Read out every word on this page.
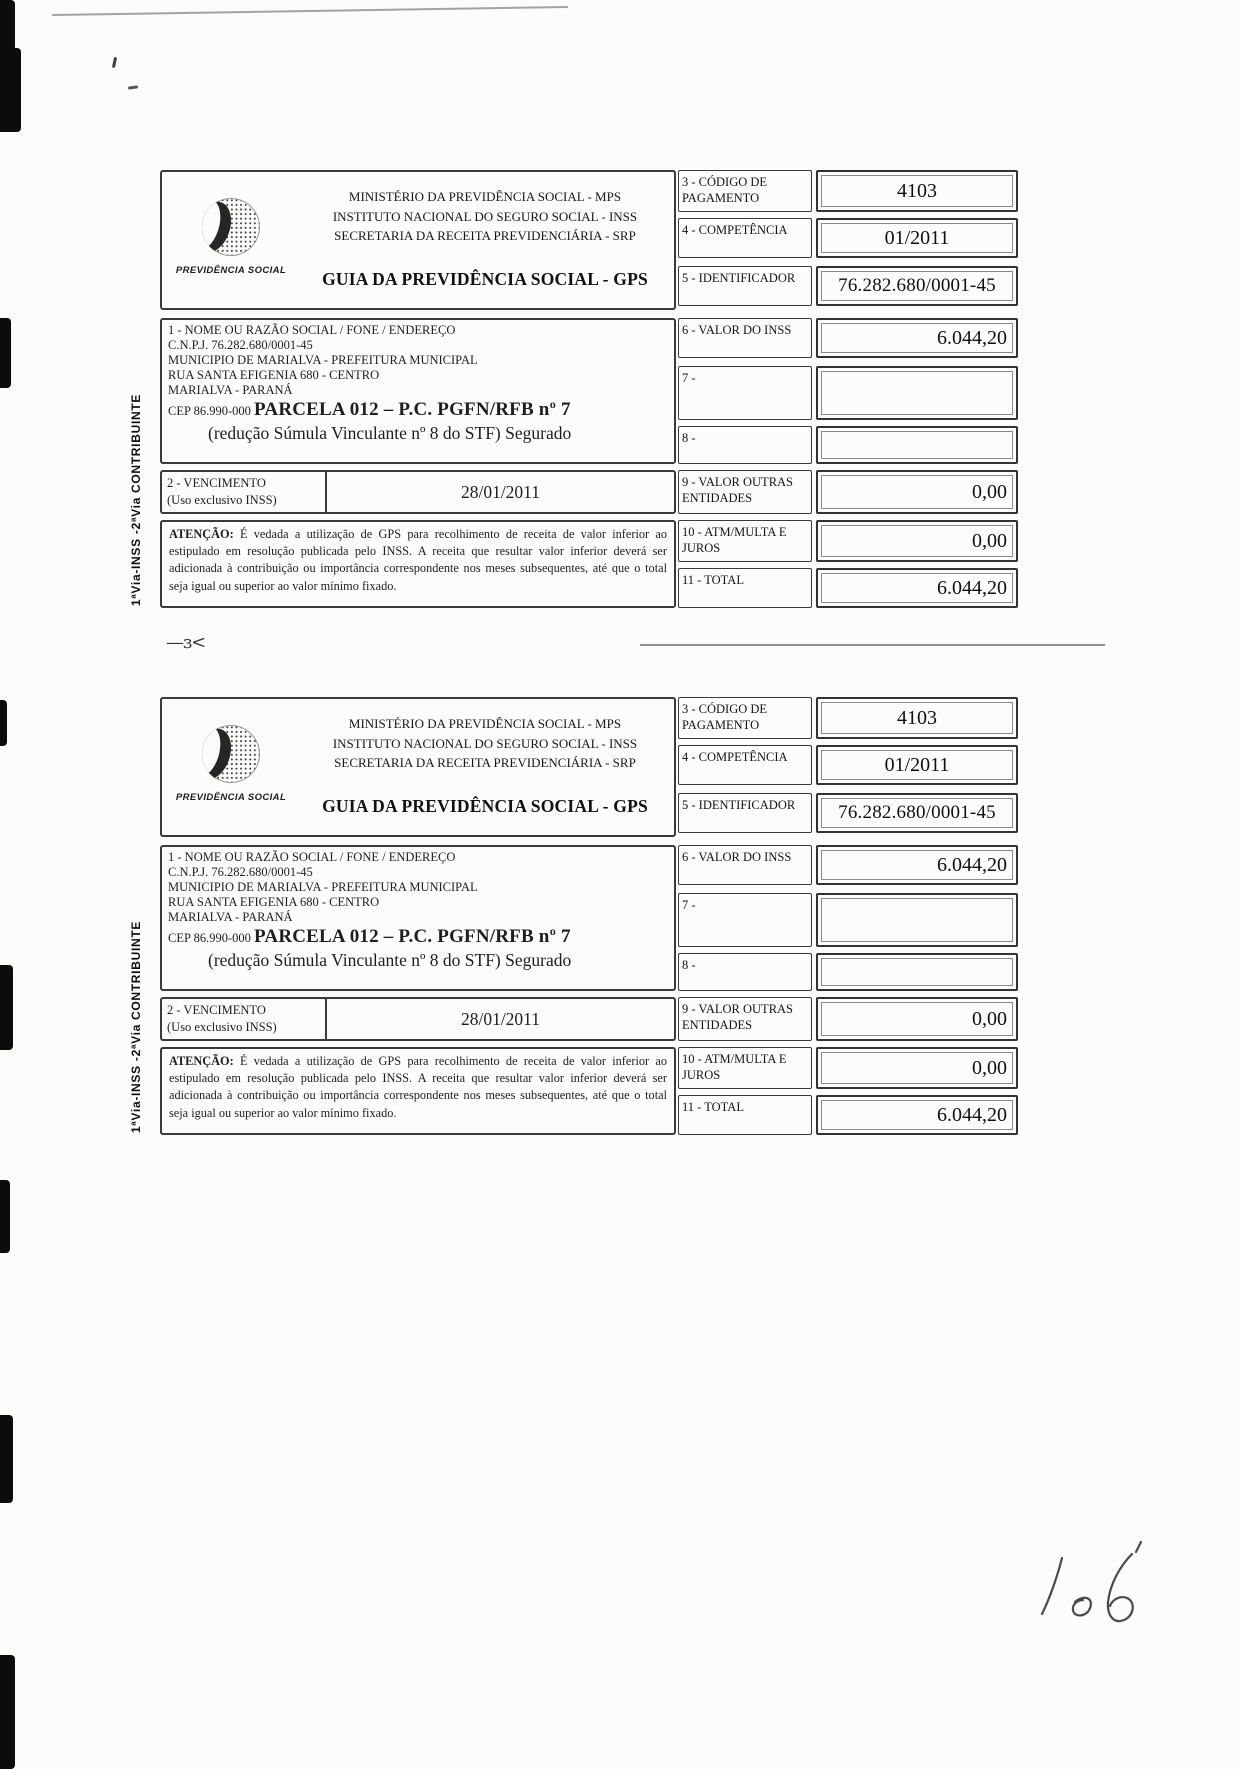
1ªVia-INSS -2ªVia CONTRIBUINTE
PREVIDÊNCIA SOCIAL
MINISTÉRIO DA PREVIDÊNCIA SOCIAL - MPS
INSTITUTO NACIONAL DO SEGURO SOCIAL - INSS
SECRETARIA DA RECEITA PREVIDENCIÁRIA - SRP
GUIA DA PREVIDÊNCIA SOCIAL - GPS
1 - NOME OU RAZÃO SOCIAL / FONE / ENDEREÇO
C.N.P.J. 76.282.680/0001-45
MUNICIPIO DE MARIALVA - PREFEITURA MUNICIPAL
RUA SANTA EFIGENIA 680 - CENTRO
MARIALVA - PARANÁ
CEP 86.990-000 PARCELA 012 – P.C. PGFN/RFB nº 7
(redução Súmula Vinculante nº 8 do STF) Segurado
2 - VENCIMENTO
(Uso exclusivo INSS)	28/01/2011
ATENÇÃO: É vedada a utilização de GPS para recolhimento de receita de valor inferior ao estipulado em resolução publicada pelo INSS. A receita que resultar valor inferior deverá ser adicionada à contribuição ou importância correspondente nos meses subsequentes, até que o total seja igual ou superior ao valor mínimo fixado.
3 - CÓDIGO DE PAGAMENTO	4103
4 - COMPETÊNCIA	01/2011
5 - IDENTIFICADOR	76.282.680/0001-45
6 - VALOR DO INSS	6.044,20
7 -
8 -
9 - VALOR OUTRAS ENTIDADES	0,00
10 - ATM/MULTA E JUROS	0,00
11 - TOTAL	6.044,20
—ɜ<
1ªVia-INSS -2ªVia CONTRIBUINTE
PREVIDÊNCIA SOCIAL
MINISTÉRIO DA PREVIDÊNCIA SOCIAL - MPS
INSTITUTO NACIONAL DO SEGURO SOCIAL - INSS
SECRETARIA DA RECEITA PREVIDENCIÁRIA - SRP
GUIA DA PREVIDÊNCIA SOCIAL - GPS
1 - NOME OU RAZÃO SOCIAL / FONE / ENDEREÇO
C.N.P.J. 76.282.680/0001-45
MUNICIPIO DE MARIALVA - PREFEITURA MUNICIPAL
RUA SANTA EFIGENIA 680 - CENTRO
MARIALVA - PARANÁ
CEP 86.990-000 PARCELA 012 – P.C. PGFN/RFB nº 7
(redução Súmula Vinculante nº 8 do STF) Segurado
2 - VENCIMENTO
(Uso exclusivo INSS)	28/01/2011
ATENÇÃO: É vedada a utilização de GPS para recolhimento de receita de valor inferior ao estipulado em resolução publicada pelo INSS. A receita que resultar valor inferior deverá ser adicionada à contribuição ou importância correspondente nos meses subsequentes, até que o total seja igual ou superior ao valor mínimo fixado.
3 - CÓDIGO DE PAGAMENTO	4103
4 - COMPETÊNCIA	01/2011
5 - IDENTIFICADOR	76.282.680/0001-45
6 - VALOR DO INSS	6.044,20
7 -
8 -
9 - VALOR OUTRAS ENTIDADES	0,00
10 - ATM/MULTA E JUROS	0,00
11 - TOTAL	6.044,20
